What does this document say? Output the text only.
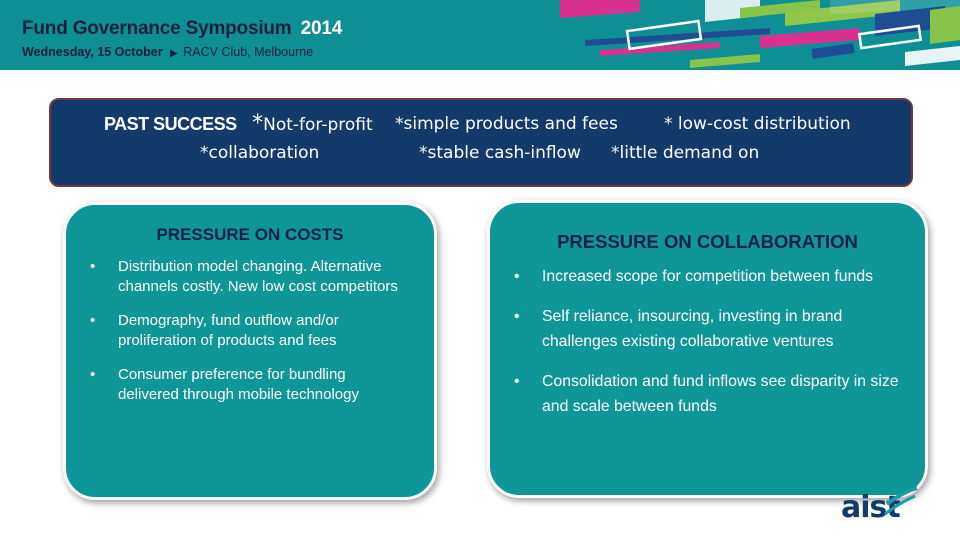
Fund Governance Symposium 2014
Wednesday, 15 October ▶ RACV Club, Melbourne
PAST SUCCESS *Not-for-profit *simple products and fees	* low-cost distribution
*collaboration	*stable cash-inflow *little demand on
PRESSURE ON COSTS
• Distribution model changing. Alternative channels costly. New low cost competitors
• Demography, fund outflow and/or proliferation of products and fees
• Consumer preference for bundling delivered through mobile technology
PRESSURE ON COLLABORATION
• Increased scope for competition between funds
• Self reliance, insourcing, investing in brand challenges existing collaborative ventures
• Consolidation and fund inflows see disparity in size and scale between funds
aist
